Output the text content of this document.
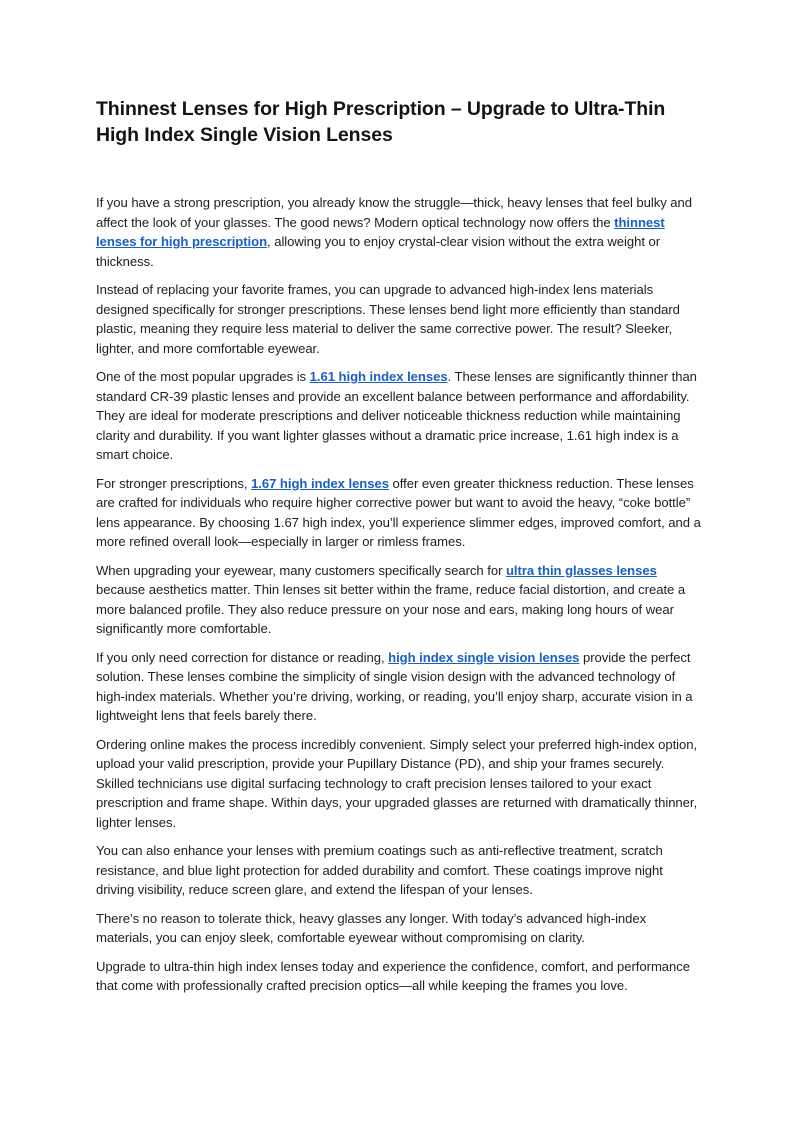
Thinnest Lenses for High Prescription – Upgrade to Ultra-Thin High Index Single Vision Lenses

If you have a strong prescription, you already know the struggle—thick, heavy lenses that feel bulky and affect the look of your glasses. The good news? Modern optical technology now offers the thinnest lenses for high prescription, allowing you to enjoy crystal-clear vision without the extra weight or thickness.

Instead of replacing your favorite frames, you can upgrade to advanced high-index lens materials designed specifically for stronger prescriptions. These lenses bend light more efficiently than standard plastic, meaning they require less material to deliver the same corrective power. The result? Sleeker, lighter, and more comfortable eyewear.

One of the most popular upgrades is 1.61 high index lenses. These lenses are significantly thinner than standard CR-39 plastic lenses and provide an excellent balance between performance and affordability. They are ideal for moderate prescriptions and deliver noticeable thickness reduction while maintaining clarity and durability. If you want lighter glasses without a dramatic price increase, 1.61 high index is a smart choice.

For stronger prescriptions, 1.67 high index lenses offer even greater thickness reduction. These lenses are crafted for individuals who require higher corrective power but want to avoid the heavy, “coke bottle” lens appearance. By choosing 1.67 high index, you’ll experience slimmer edges, improved comfort, and a more refined overall look—especially in larger or rimless frames.

When upgrading your eyewear, many customers specifically search for ultra thin glasses lenses because aesthetics matter. Thin lenses sit better within the frame, reduce facial distortion, and create a more balanced profile. They also reduce pressure on your nose and ears, making long hours of wear significantly more comfortable.

If you only need correction for distance or reading, high index single vision lenses provide the perfect solution. These lenses combine the simplicity of single vision design with the advanced technology of high-index materials. Whether you’re driving, working, or reading, you’ll enjoy sharp, accurate vision in a lightweight lens that feels barely there.

Ordering online makes the process incredibly convenient. Simply select your preferred high-index option, upload your valid prescription, provide your Pupillary Distance (PD), and ship your frames securely. Skilled technicians use digital surfacing technology to craft precision lenses tailored to your exact prescription and frame shape. Within days, your upgraded glasses are returned with dramatically thinner, lighter lenses.

You can also enhance your lenses with premium coatings such as anti-reflective treatment, scratch resistance, and blue light protection for added durability and comfort. These coatings improve night driving visibility, reduce screen glare, and extend the lifespan of your lenses.

There’s no reason to tolerate thick, heavy glasses any longer. With today’s advanced high-index materials, you can enjoy sleek, comfortable eyewear without compromising on clarity.

Upgrade to ultra-thin high index lenses today and experience the confidence, comfort, and performance that come with professionally crafted precision optics—all while keeping the frames you love.
